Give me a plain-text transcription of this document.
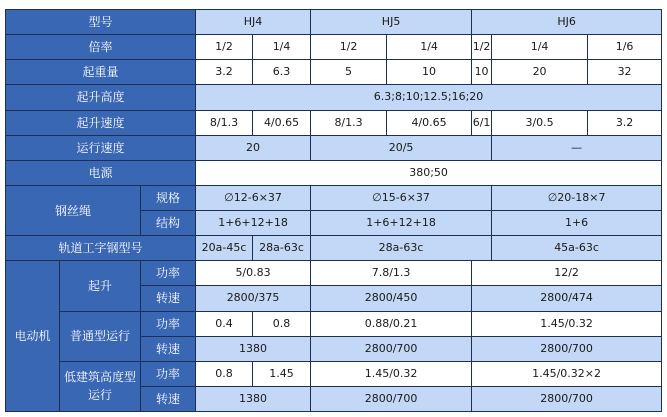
型号			HJ4		HJ5		HJ6			
倍率			1/2	1/4	1/2	1/4	1/2	1/4	1/6	
起重量			3.2	6.3	5	10	10	20	32	
起升高度			6.3;8;10;12.5;16;20							
起升速度			8/1.3	4/0.65	8/1.3	4/0.65	6/1	3/0.5	3.2	
运行速度			20		20/5			—		
电源			380;50							
钢丝绳		规格	∅12-6×37		∅15-6×37			∅20-18×7		
		结构	1+6+12+18		1+6+12+18			1+6		
轨道工字钢型号			20a-45c	28a-63c	28a-63c			45a-63c		
电动机	起升	功率	5/0.83		7.8/1.3		12/2	
		转速	2800/375		2800/450		2800/474	
	普通型运行	功率	0.4	0.8	0.88/0.21		1.45/0.32	
		转速	1380		2800/700		2800/700	
	低建筑高度型运行	功率	0.8	1.45	1.45/0.32		1.45/0.32×2	
		转速	1380		2800/700		2800/700	
